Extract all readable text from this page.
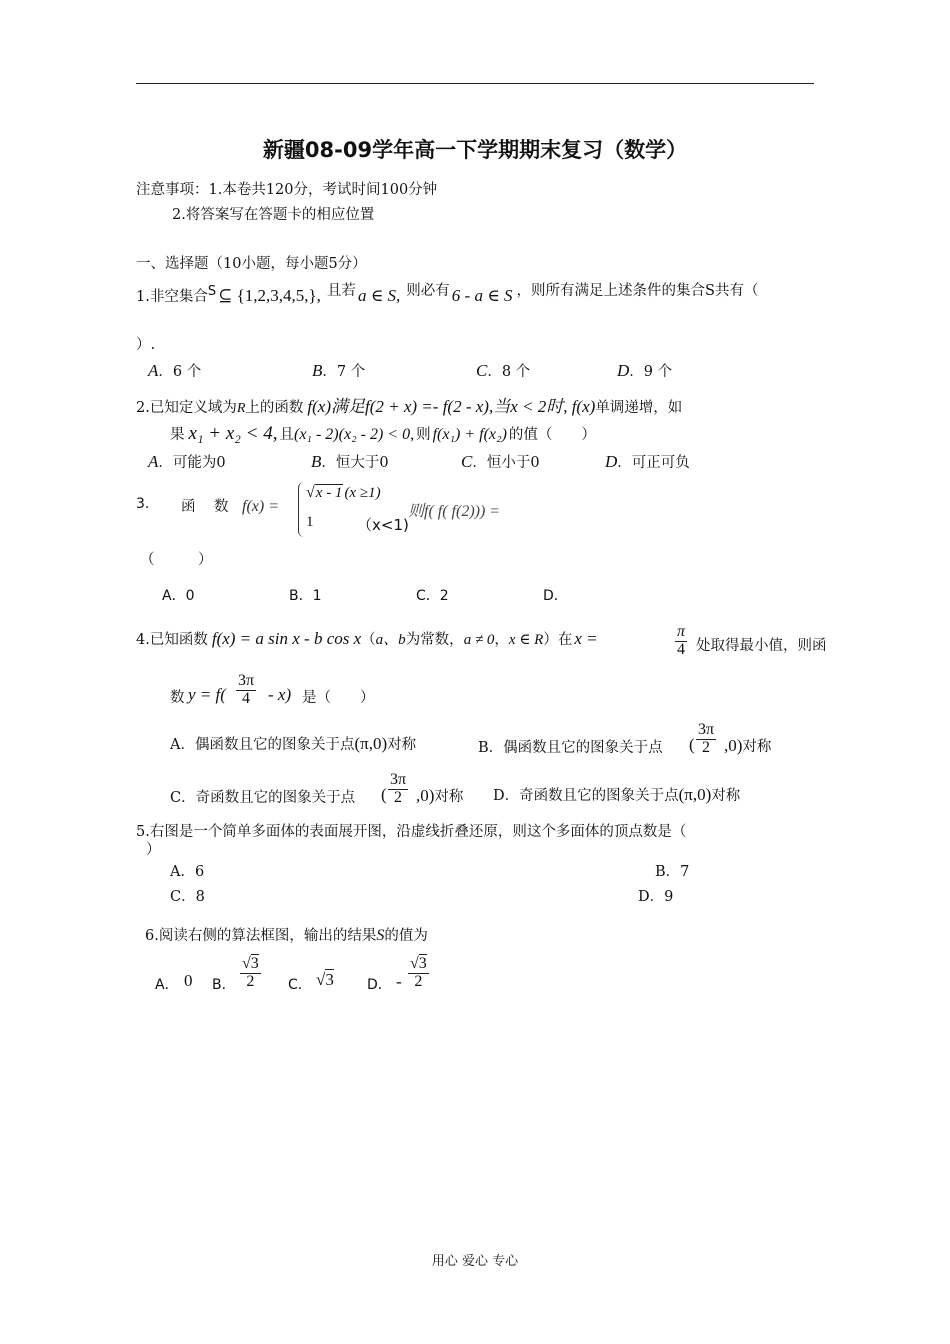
新疆08-09学年高一下学期期末复习（数学）
注意事项：1.本卷共120分，考试时间100分钟
2.将答案写在答题卡的相应位置
一、选择题（10小题，每小题5分）
1.非空集合S ⊆ {1,2,3,4,5,}, 且若 a ∈ S, 则必有 6 - a ∈ S ，则所有满足上述条件的集合S共有（
）.
A．6 个	B．7 个	C．8 个	D．9 个
2.已知定义域为R上的函数 f(x)满足f(2 + x) =- f(2 - x),当x < 2时, f(x)单调递增，如
果 x₁ + x₂ < 4, 且(x₁ - 2)(x₂ - 2) < 0, 则 f(x₁) + f(x₂) 的值（　　）
A．可能为0	B．恒大于0	C．恒小于0	D．可正可负
3. 函　数 f(x) =
√x - 1 (x ≥1)
1	（x<1)
则f( f( f(2))) =
（　　　）
A．0	B．1	C．2	D．
4.已知函数 f(x) = a sin x - b cos x（a、b为常数，a ≠ 0，x ∈ R）在 x =	$\frac{\pi}{4}$ 处取得最小值，则函
数 $y = f( \frac{3\pi}{4} - x)$ 是（　　）
A．偶函数且它的图象关于点(π,0)对称	B．偶函数且它的图象关于点 ( $\frac{3\pi}{2} ,0$)对称
C．奇函数且它的图象关于点 ( $\frac{3\pi}{2} ,0$)对称 D．奇函数且它的图象关于点(π,0)对称
5.右图是一个简单多面体的表面展开图，沿虚线折叠还原，则这个多面体的顶点数是（
）
A．6	B．7
C．8	D．9
6.阅读右侧的算法框图，输出的结果S的值为
A． 0 B． $\frac{√3}{2}$ C． √3 D． - $\frac{√3}{2}$
用心 爱心 专心
